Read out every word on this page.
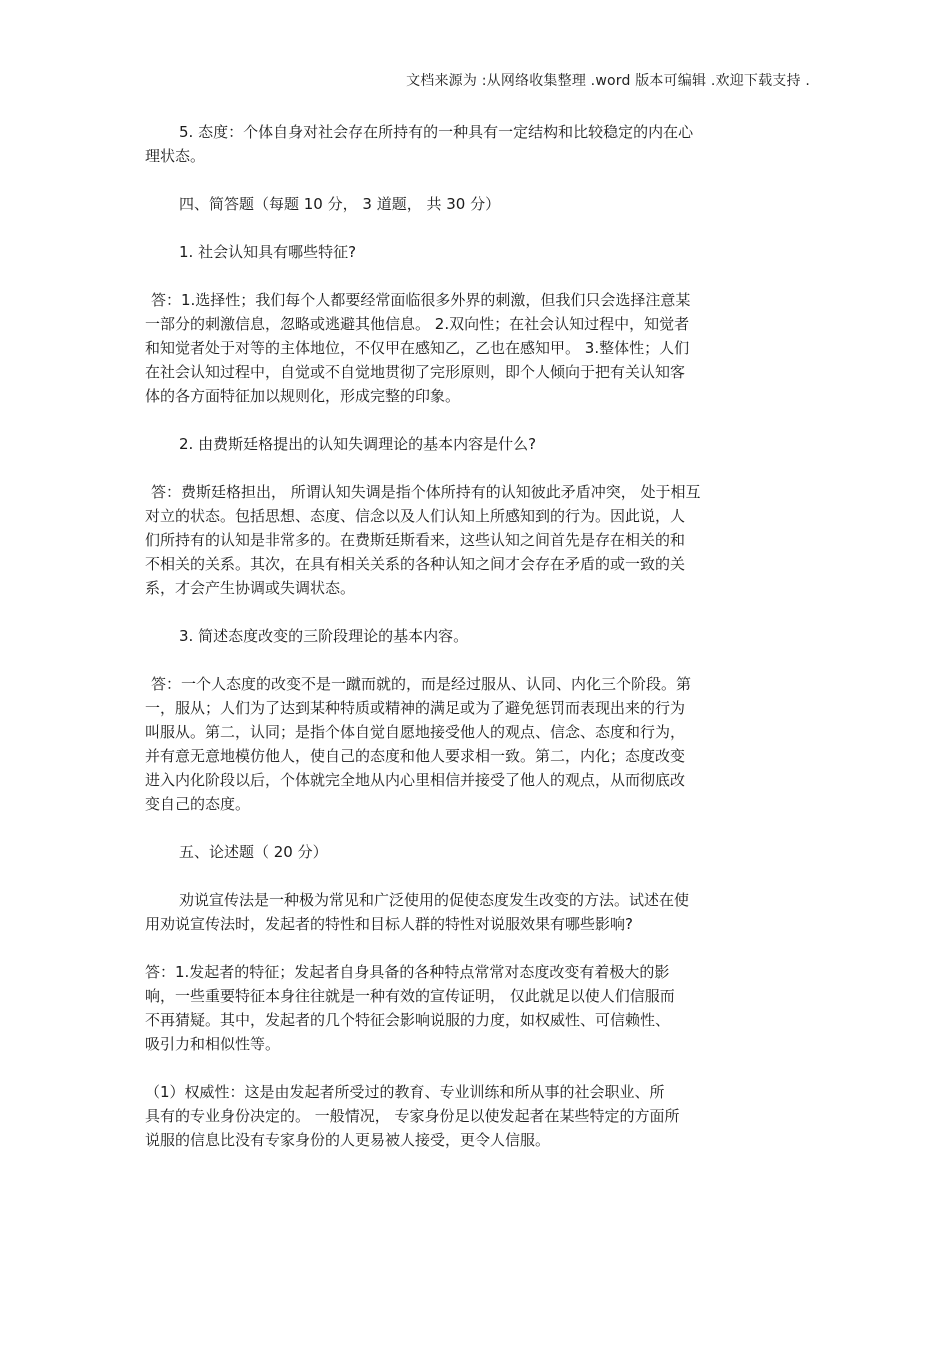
文档来源为 :从网络收集整理 .word 版本可编辑 .欢迎下载支持 .
5. 态度：个体自身对社会存在所持有的一种具有一定结构和比较稳定的内在心
理状态。
四、简答题（每题 10 分， 3 道题， 共 30 分）
1. 社会认知具有哪些特征?
答：1.选择性；我们每个人都要经常面临很多外界的刺激，但我们只会选择注意某
一部分的刺激信息，忽略或逃避其他信息。 2.双向性；在社会认知过程中，知觉者
和知觉者处于对等的主体地位，不仅甲在感知乙，乙也在感知甲。 3.整体性；人们
在社会认知过程中，自觉或不自觉地贯彻了完形原则，即个人倾向于把有关认知客
体的各方面特征加以规则化，形成完整的印象。
2. 由费斯廷格提出的认知失调理论的基本内容是什么?
答：费斯廷格担出， 所谓认知失调是指个体所持有的认知彼此矛盾冲突， 处于相互
对立的状态。包括思想、态度、信念以及人们认知上所感知到的行为。因此说，人
们所持有的认知是非常多的。在费斯廷斯看来，这些认知之间首先是存在相关的和
不相关的关系。其次，在具有相关关系的各种认知之间才会存在矛盾的或一致的关
系，才会产生协调或失调状态。
3. 简述态度改变的三阶段理论的基本内容。
答：一个人态度的改变不是一蹴而就的，而是经过服从、认同、内化三个阶段。第
一，服从；人们为了达到某种特质或精神的满足或为了避免惩罚而表现出来的行为
叫服从。第二，认同；是指个体自觉自愿地接受他人的观点、信念、态度和行为，
并有意无意地模仿他人，使自己的态度和他人要求相一致。第二，内化；态度改变
进入内化阶段以后，个体就完全地从内心里相信并接受了他人的观点，从而彻底改
变自己的态度。
五、论述题（ 20 分）
劝说宣传法是一种极为常见和广泛使用的促使态度发生改变的方法。试述在使
用劝说宣传法时，发起者的特性和目标人群的特性对说服效果有哪些影响?
答：1.发起者的特征；发起者自身具备的各种特点常常对态度改变有着极大的影
响，一些重要特征本身往往就是一种有效的宣传证明， 仅此就足以使人们信服而
不再猜疑。其中，发起者的几个特征会影响说服的力度，如权威性、可信赖性、
吸引力和相似性等。
（1）权威性：这是由发起者所受过的教育、专业训练和所从事的社会职业、所
具有的专业身份决定的。 一般情况， 专家身份足以使发起者在某些特定的方面所
说服的信息比没有专家身份的人更易被人接受，更令人信服。
